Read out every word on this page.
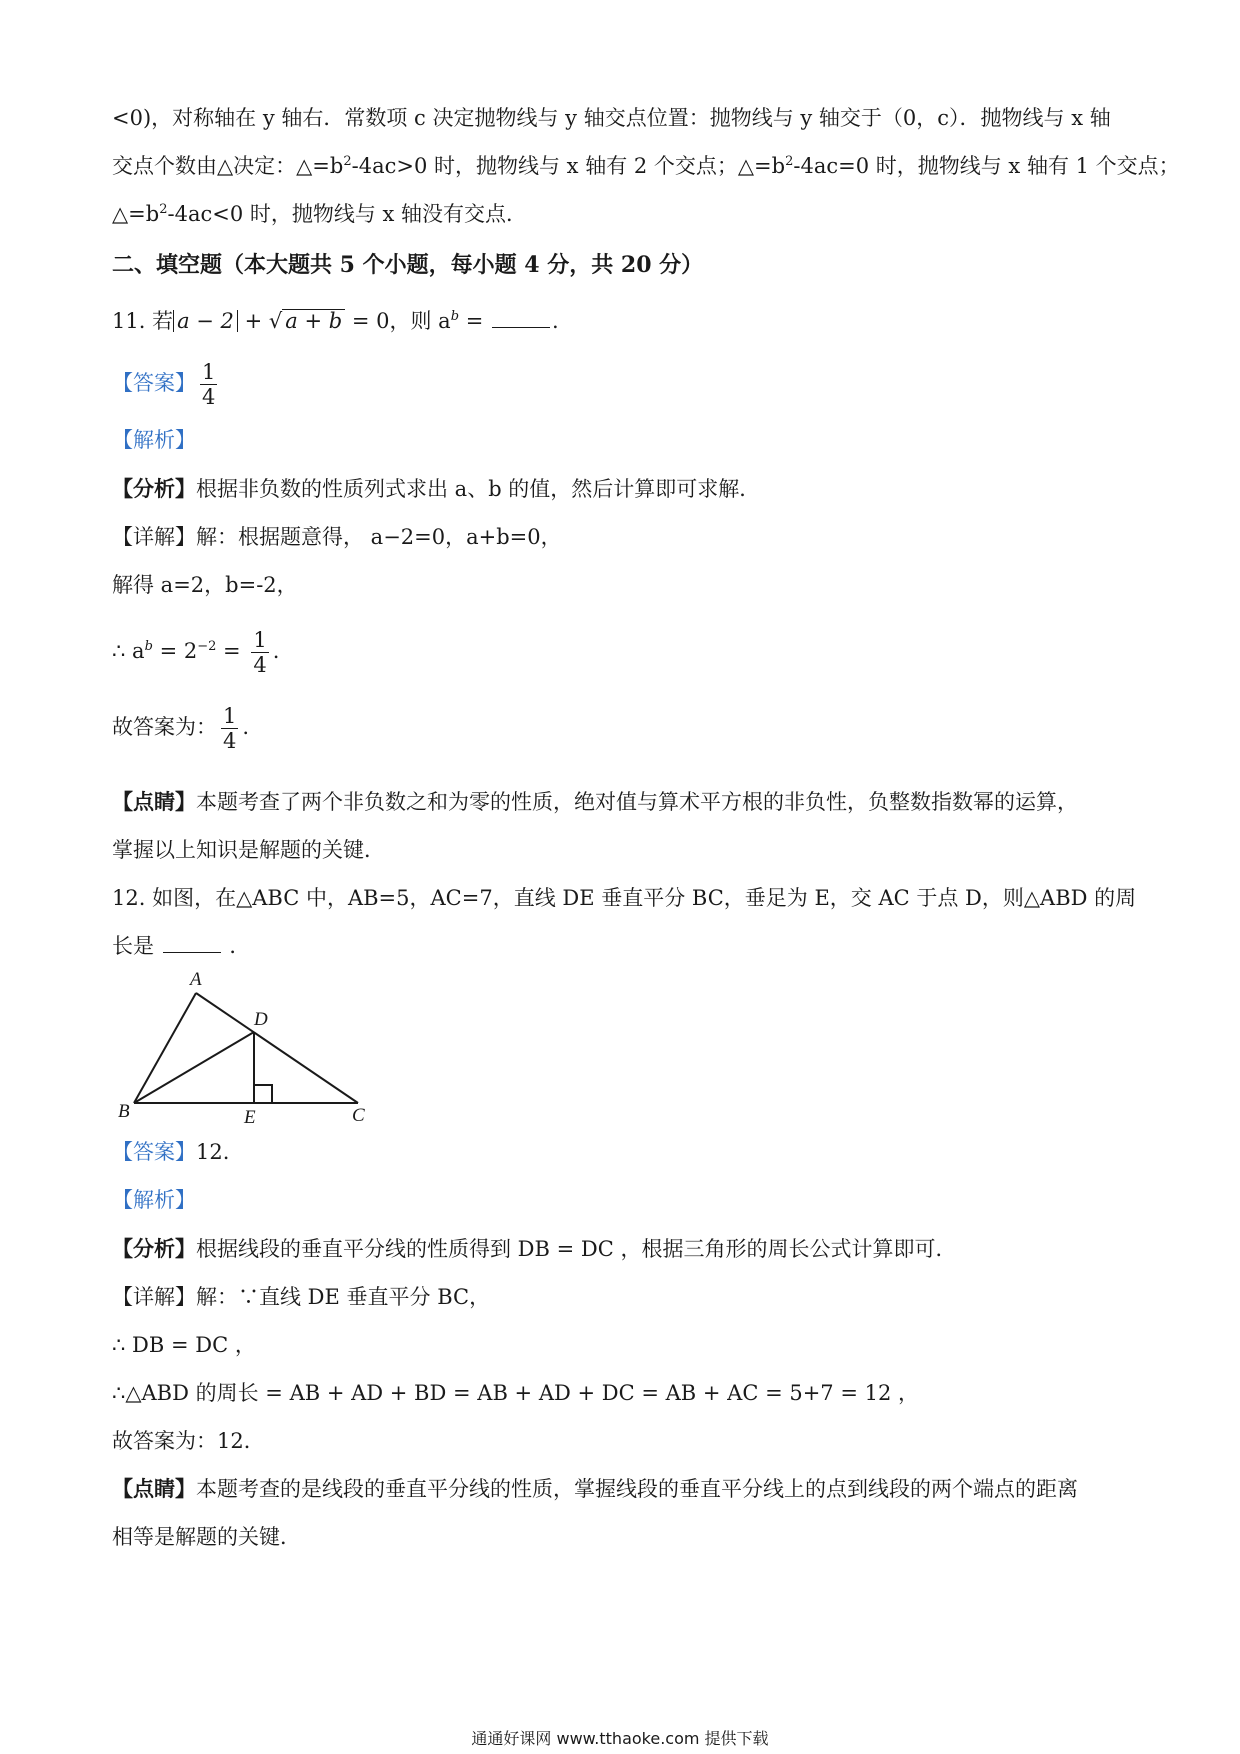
<0)，对称轴在 y 轴右．常数项 c 决定抛物线与 y 轴交点位置：抛物线与 y 轴交于（0，c）．抛物线与 x 轴
交点个数由△决定：$\triangle=b^2-4ac>0$ 时，抛物线与 x 轴有 2 个交点；$\triangle=b^2-4ac=0$ 时，抛物线与 x 轴有 1 个交点；
$\triangle=b^2-4ac<0$ 时，抛物线与 x 轴没有交点．
二、填空题（本大题共 5 个小题，每小题 4 分，共 20 分）
11. 若 a − 2 + √ a + b = 0，则 $a^b$ =	.
【答案】 $\frac{1}{4}$
【解析】
【分析】根据非负数的性质列式求出 a、b 的值，然后计算即可求解．
【详解】解：根据题意得， a−2=0，a+b=0，
解得 a=2，b=-2，
∴ $a^b = 2^{-2} = \frac{1}{4}$ .
故答案为： $\frac{1}{4}$ .
【点睛】本题考查了两个非负数之和为零的性质，绝对值与算术平方根的非负性，负整数指数幂的运算，
掌握以上知识是解题的关键．
12. 如图，在△ABC 中，AB=5，AC=7，直线 DE 垂直平分 BC，垂足为 E，交 AC 于点 D，则△ABD 的周
长是	．
A
B	C
D
E
【答案】12.
【解析】
【分析】根据线段的垂直平分线的性质得到 DB = DC ，根据三角形的周长公式计算即可．
【详解】解：∵直线 DE 垂直平分 BC，
∴ DB = DC ，
∴△ABD 的周长 = AB + AD + BD = AB + AD + DC = AB + AC = 5+7 = 12 ，
故答案为：12．
【点睛】本题考查的是线段的垂直平分线的性质，掌握线段的垂直平分线上的点到线段的两个端点的距离
相等是解题的关键．
通通好课网 www.tthaoke.com 提供下载
